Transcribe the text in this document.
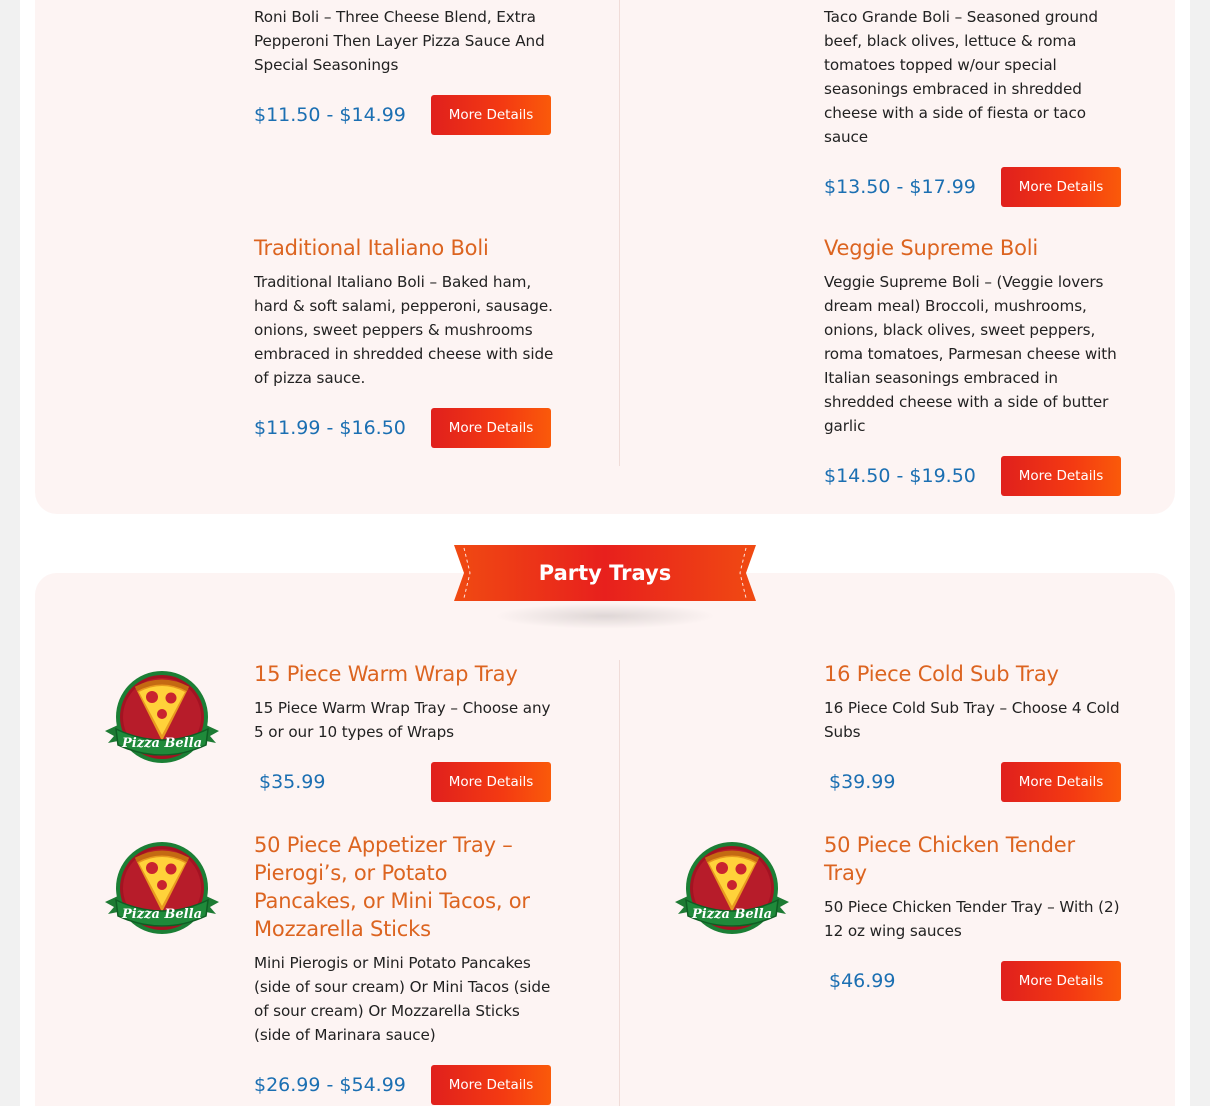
Roni Boli – Three Cheese Blend, Extra Pepperoni Then Layer Pizza Sauce And Special Seasonings
$11.50 - $14.99	More Details
Taco Grande Boli – Seasoned ground beef, black olives, lettuce & roma tomatoes topped w/our special seasonings embraced in shredded cheese with a side of fiesta or taco sauce
$13.50 - $17.99	More Details
Traditional Italiano Boli
Traditional Italiano Boli – Baked ham, hard & soft salami, pepperoni, sausage. onions, sweet peppers & mushrooms embraced in shredded cheese with side of pizza sauce.
$11.99 - $16.50	More Details
Veggie Supreme Boli
Veggie Supreme Boli – (Veggie lovers dream meal) Broccoli, mushrooms, onions, black olives, sweet peppers, roma tomatoes, Parmesan cheese with Italian seasonings embraced in shredded cheese with a side of butter garlic
$14.50 - $19.50	More Details
Party Trays
15 Piece Warm Wrap Tray
15 Piece Warm Wrap Tray – Choose any 5 or our 10 types of Wraps
$35.99	More Details
16 Piece Cold Sub Tray
16 Piece Cold Sub Tray – Choose 4 Cold Subs
$39.99	More Details
50 Piece Appetizer Tray – Pierogi’s, or Potato Pancakes, or Mini Tacos, or Mozzarella Sticks
Mini Pierogis or Mini Potato Pancakes (side of sour cream) Or Mini Tacos (side of sour cream) Or Mozzarella Sticks (side of Marinara sauce)
$26.99 - $54.99	More Details
50 Piece Chicken Tender Tray
50 Piece Chicken Tender Tray – With (2) 12 oz wing sauces
$46.99	More Details
